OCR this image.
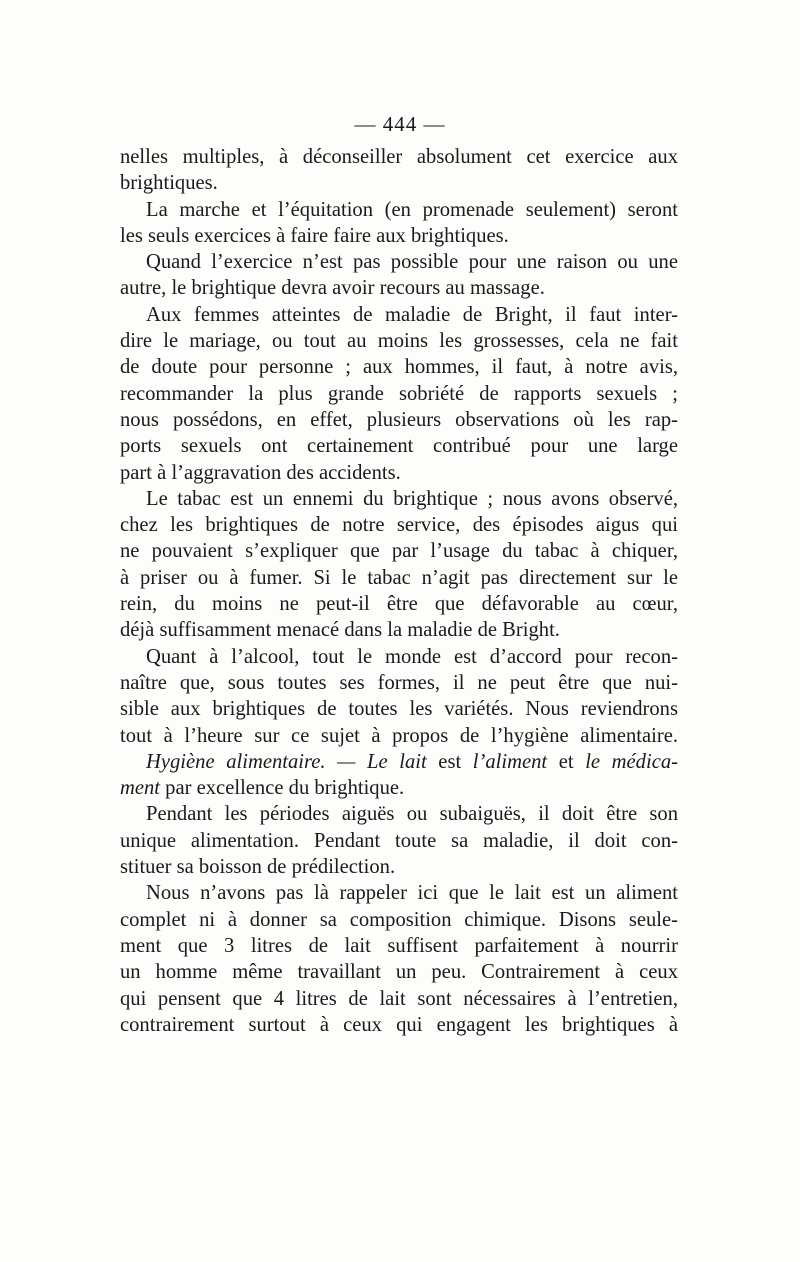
— 444 —
nelles multiples, à déconseiller absolument cet exercice aux
brightiques.
La marche et l’équitation (en promenade seulement) seront
les seuls exercices à faire faire aux brightiques.
Quand l’exercice n’est pas possible pour une raison ou une
autre, le brightique devra avoir recours au massage.
Aux femmes atteintes de maladie de Bright, il faut inter-
dire le mariage, ou tout au moins les grossesses, cela ne fait
de doute pour personne ; aux hommes, il faut, à notre avis,
recommander la plus grande sobriété de rapports sexuels ;
nous possédons, en effet, plusieurs observations où les rap-
ports sexuels ont certainement contribué pour une large
part à l’aggravation des accidents.
Le tabac est un ennemi du brightique ; nous avons observé,
chez les brightiques de notre service, des épisodes aigus qui
ne pouvaient s’expliquer que par l’usage du tabac à chiquer,
à priser ou à fumer. Si le tabac n’agit pas directement sur le
rein, du moins ne peut-il être que défavorable au cœur,
déjà suffisamment menacé dans la maladie de Bright.
Quant à l’alcool, tout le monde est d’accord pour recon-
naître que, sous toutes ses formes, il ne peut être que nui-
sible aux brightiques de toutes les variétés. Nous reviendrons
tout à l’heure sur ce sujet à propos de l’hygiène alimentaire.
Hygiène alimentaire. — Le lait est l’aliment et le médica-
ment par excellence du brightique.
Pendant les périodes aiguës ou subaiguës, il doit être son
unique alimentation. Pendant toute sa maladie, il doit con-
stituer sa boisson de prédilection.
Nous n’avons pas là rappeler ici que le lait est un aliment
complet ni à donner sa composition chimique. Disons seule-
ment que 3 litres de lait suffisent parfaitement à nourrir
un homme même travaillant un peu. Contrairement à ceux
qui pensent que 4 litres de lait sont nécessaires à l’entretien,
contrairement surtout à ceux qui engagent les brightiques à
